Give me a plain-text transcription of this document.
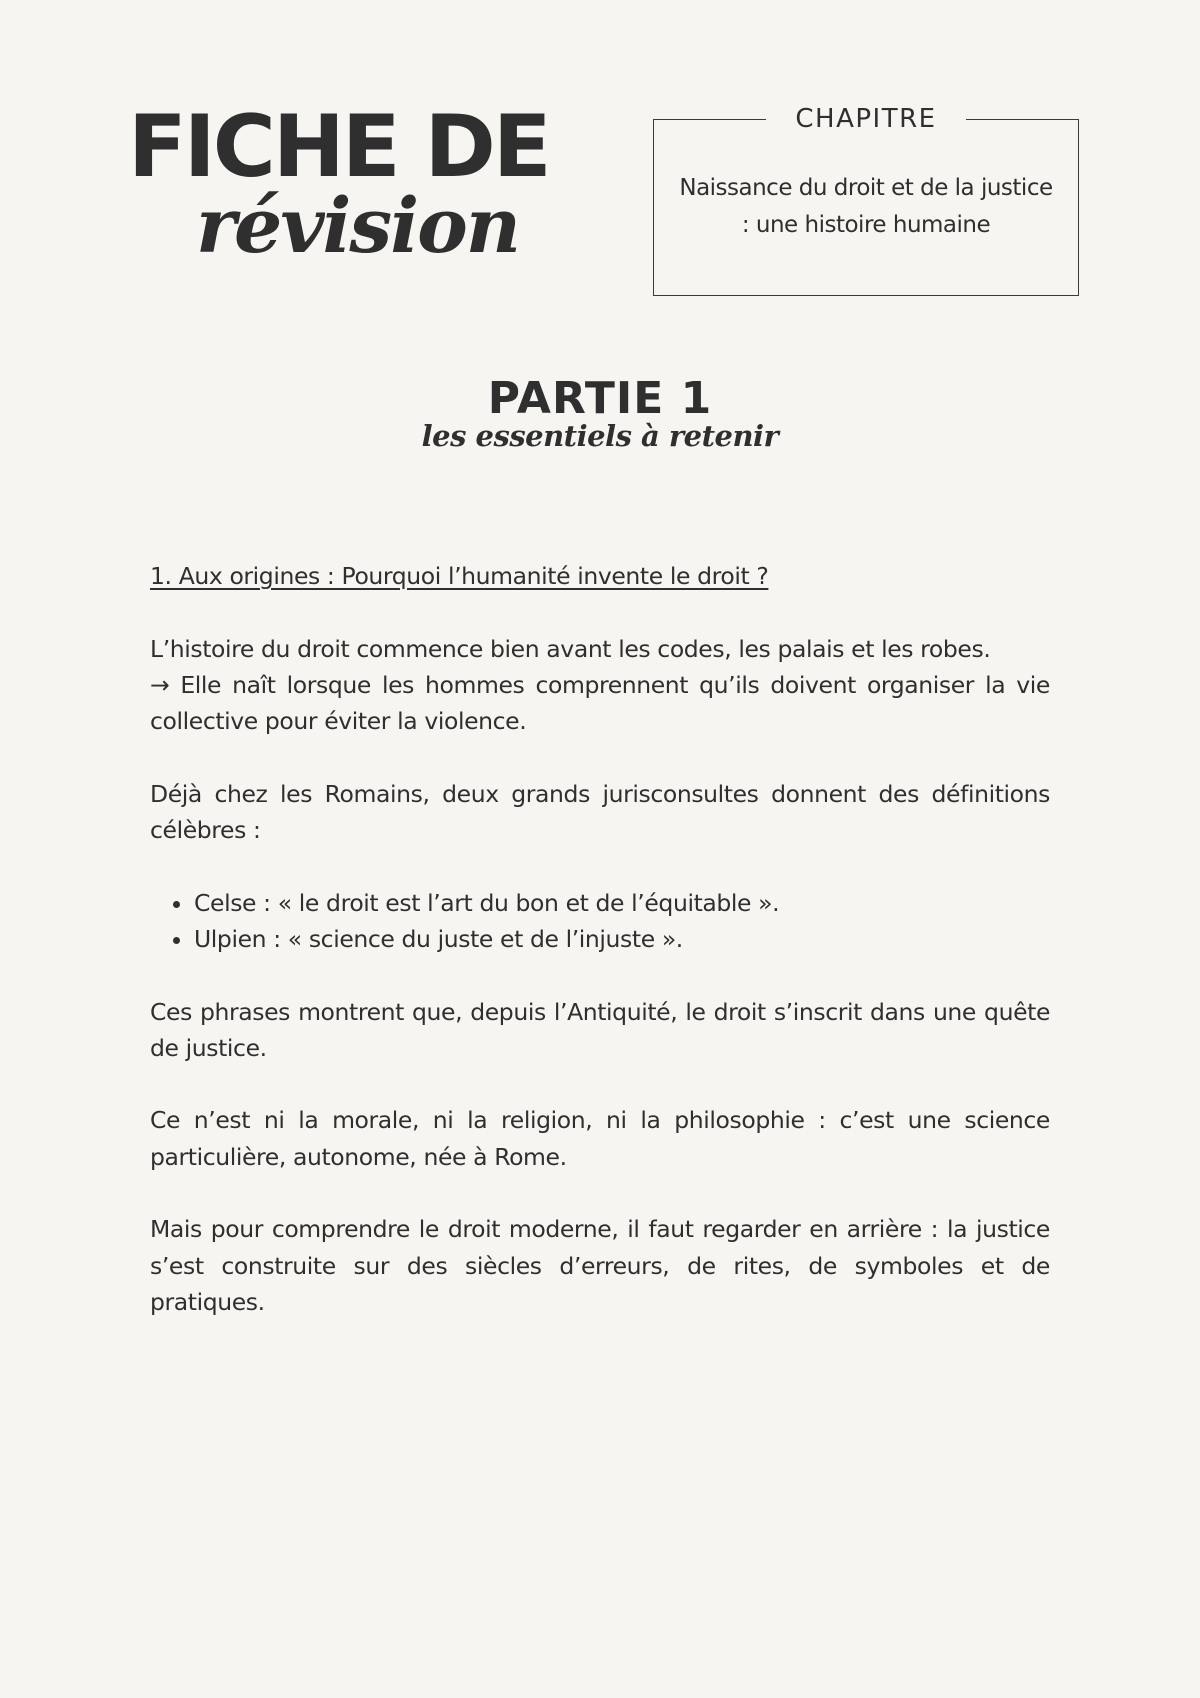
FICHE DE
révision
CHAPITRE

Naissance du droit et de la justice : une histoire humaine

PARTIE 1
les essentiels à retenir
1. Aux origines : Pourquoi l’humanité invente le droit ?

L’histoire du droit commence bien avant les codes, les palais et les robes.

→ Elle naît lorsque les hommes comprennent qu’ils doivent organiser la vie collective pour éviter la violence.

Déjà chez les Romains, deux grands jurisconsultes donnent des définitions célèbres :

• Celse : « le droit est l’art du bon et de l’équitable ».
• Ulpien : « science du juste et de l’injuste ».

Ces phrases montrent que, depuis l’Antiquité, le droit s’inscrit dans une quête de justice.

Ce n’est ni la morale, ni la religion, ni la philosophie : c’est une science particulière, autonome, née à Rome.

Mais pour comprendre le droit moderne, il faut regarder en arrière : la justice s’est construite sur des siècles d’erreurs, de rites, de symboles et de pratiques.
